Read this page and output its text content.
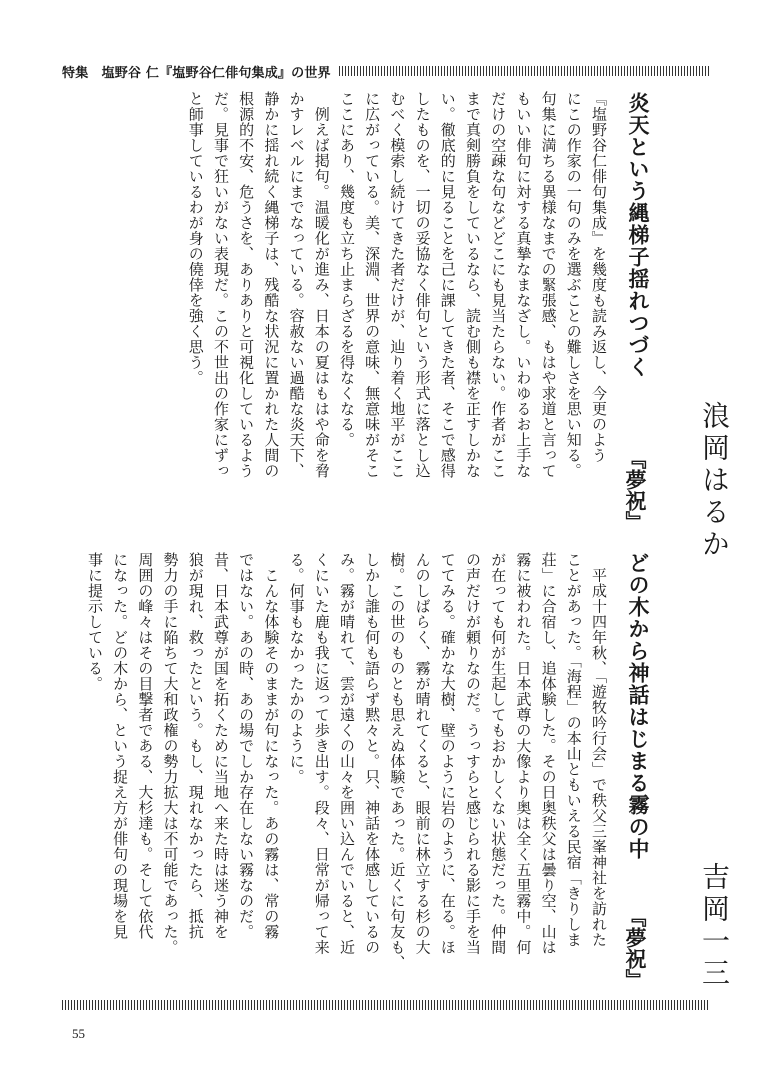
特集　塩野谷 仁『塩野谷仁俳句集成』の世界
浪岡はるか
炎天という縄梯子揺れつづく
『夢祝』
『塩野谷仁俳句集成』を幾度も読み返し、今更のよう
にこの作家の一句のみを選ぶことの難しさを思い知る。
句集に満ちる異様なまでの緊張感、もはや求道と言って
もいい俳句に対する真摯なまなざし。いわゆるお上手な
だけの空疎な句などどこにも見当たらない。作者がここ
まで真剣勝負をしているなら、読む側も襟を正すしかな
い。徹底的に見ることを己に課してきた者、そこで感得
したものを、一切の妥協なく俳句という形式に落とし込
むべく模索し続けてきた者だけが、辿り着く地平がここ
に広がっている。美、深淵、世界の意味、無意味がそこ
ここにあり、幾度も立ち止まらざるを得なくなる。
　例えば掲句。温暖化が進み、日本の夏はもはや命を脅
かすレベルにまでなっている。容赦ない過酷な炎天下、
静かに揺れ続く縄梯子は、残酷な状況に置かれた人間の
根源的不安、危うさを、ありありと可視化しているよう
だ。見事で狂いがない表現だ。この不世出の作家にずっ
と師事しているわが身の僥倖を強く思う。
吉岡一三
どの木から神話はじまる霧の中
『夢祝』
　平成十四年秋、「遊牧吟行会」で秩父三峯神社を訪れた
ことがあった。「海程」の本山ともいえる民宿「きりしま
荘」に合宿し、追体験した。その日奥秩父は曇り空、山は
霧に被われた。日本武尊の大像より奥は全く五里霧中。何
が在っても何が生起してもおかしくない状態だった。仲間
の声だけが頼りなのだ。うっすらと感じられる影に手を当
ててみる。確かな大樹、壁のように岩のように、在る。ほ
んのしばらく、霧が晴れてくると、眼前に林立する杉の大
樹。この世のものとも思えぬ体験であった。近くに句友も、
しかし誰も何も語らず黙々と。只、神話を体感しているの
み。霧が晴れて、雲が遠くの山々を囲い込んでいると、近
くにいた鹿も我に返って歩き出す。段々、日常が帰って来
る。何事もなかったかのように。
　こんな体験そのままが句になった。あの霧は、常の霧
ではない。あの時、あの場でしか存在しない霧なのだ。
昔、日本武尊が国を拓くために当地へ来た時は迷う神を
狼が現れ、救ったという。もし、現れなかったら、抵抗
勢力の手に陥ちて大和政権の勢力拡大は不可能であった。
周囲の峰々はその目撃者である、大杉達も。そして依代
になった。どの木から、という捉え方が俳句の現場を見
事に提示している。
55
